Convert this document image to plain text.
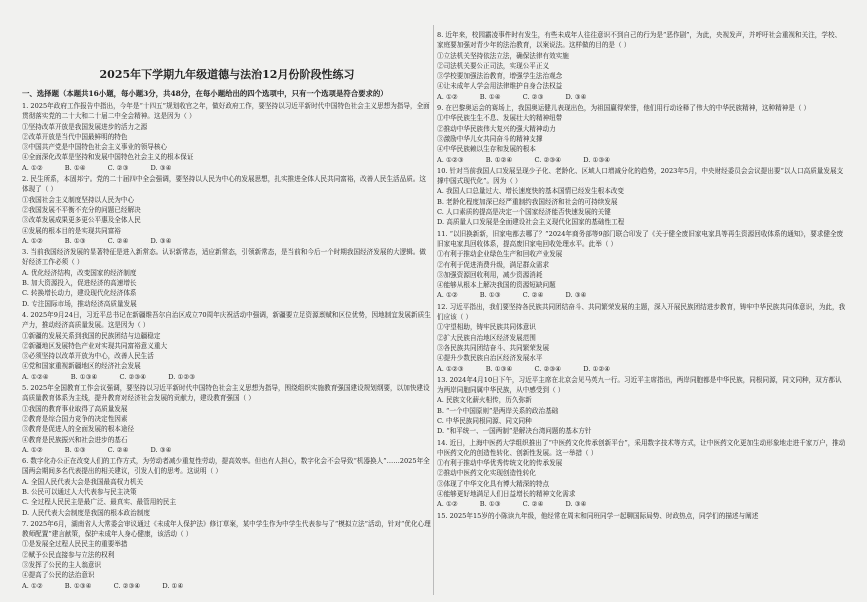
2025年下学期九年级道德与法治12月份阶段性练习
一、选择题（本题共16小题，每小题3分，共48分，在每小题给出的四个选项中，只有一个选项是符合要求的）

1. 2025年政府工作报告中指出，今年是“十四五”规划收官之年，做好政府工作，要坚持以习近平新时代中国特色社会主义思想为指导，全面贯彻落实党的二十大和二十届二中全会精神。这是因为（ ）

①坚持改革开放是我国发展进步的活力之源

②改革开放是当代中国最鲜明的特色

③中国共产党是中国特色社会主义事业的领导核心

④全面深化改革是坚持和发展中国特色社会主义的根本保证

A. ①②	B. ①④	C. ②③	D. ③④

2. 民生所系，本固邦宁。党的二十届四中全会强调，要坚持以人民为中心的发展思想，扎实推进全体人民共同富裕，改善人民生活品质。这体现了（ ）

①我国社会主义制度坚持以人民为中心

②我国发展不平衡不充分的问题已经解决

③改革发展成果更多更公平惠及全体人民

④发展的根本目的是实现共同富裕

A. ①②	B. ①③	C. ②④	D. ③④

3. 当前我国经济发展的显著特征是进入新常态。认识新常态，适应新常态，引领新常态，是当前和今后一个时期我国经济发展的大逻辑。做好经济工作必须（ ）

A. 优化经济结构，改变国家的经济制度

B. 加大资源投入，促进经济的高速增长

C. 转换增长动力，建设现代化经济体系

D. 专注国际市场，推动经济高质量发展

4. 2025年9月24日，习近平总书记在新疆维吾尔自治区成立70周年庆祝活动中强调，新疆要立足资源禀赋和区位优势，因地制宜发展新质生产力，推动经济高质量发展。这是因为（ ）

①新疆的发展关系到我国的民族团结与边疆稳定

②新疆地区发展特色产业对实现共同富裕意义重大

③必须坚持以改革开放为中心，改善人民生活

④党和国家重视新疆地区的经济社会发展

A. ①②④	B. ①③④	C. ②③④	D. ①②③

5. 2025年全国教育工作会议强调，要坚持以习近平新时代中国特色社会主义思想为指导，围绕组织实施教育强国建设规划纲要，以加快建设高质量教育体系为主线，提升教育对经济社会发展的贡献力，建设教育强国（ ）

①我国的教育事业取得了高质量发展

②教育是综合国力竞争的决定性因素

③教育是促进人的全面发展的根本途径

④教育是民族振兴和社会进步的基石

A. ①②	B. ①③	C. ②④	D. ③④

6. 数字化办公正在改变人们的工作方式，为劳动者减少重复性劳动，提高效率。但也有人担心，数字化会不会导致“机器换人”……2025年全国两会期间多名代表提出的相关建议，引发人们的思考。这说明（ ）

A. 全国人民代表大会是我国最高权力机关

B. 公民可以通过人大代表参与民主决策

C. 全过程人民民主是最广泛、最真实、最管用的民主

D. 人民代表大会制度是我国的根本政治制度

7. 2025年6月，湖南省人大常委会审议通过《未成年人保护法》修订草案，某中学生作为中学生代表参与了“模拟立法”活动，针对“优化心理教师配置”建言献策，保护未成年人身心健康，该活动（ ）

①是发展全过程人民民主的重要举措

②赋予公民直接参与立法的权利

③发挥了公民的主人翁意识

④提高了公民的法治意识

A. ①②	B. ①③④	C. ②③④	D. ①④

8. 近年来，校园霸凌事件时有发生，有些未成年人往往意识不到自己的行为是“恶作剧”，为此，央视发声，并呼吁社会重视和关注，学校、家庭要加强对青少年的法治教育，以案说法。这样做的目的是（ ）

①立法机关坚持依法立法，确保法律有效实施

②司法机关要公正司法，实现公平正义

③学校要加强法治教育，增强学生法治观念

④让未成年人学会用法律维护自身合法权益

A. ①②	B. ①④	C. ②③	D. ③④

9. 在巴黎奥运会的赛场上，我国奥运健儿表现出色，为祖国赢得荣誉，他们用行动诠释了伟大的中华民族精神，这种精神是（ ）

①中华民族生生不息、发展壮大的精神纽带

②推动中华民族伟大复兴的强大精神动力

③激励中华儿女共同奋斗的精神支撑

④中华民族赖以生存和发展的根本

A. ①②③	B. ①②④	C. ②③④	D. ①③④

10. 针对当前我国人口发展呈现少子化、老龄化、区域人口增减分化的趋势，2023年5月，中央财经委员会会议提出要“以人口高质量发展支撑中国式现代化”。因为（ ）

A. 我国人口总量过大、增长速度快的基本国情已经发生根本改变

B. 老龄化程度加深已经严重制约我国经济和社会的可持续发展

C. 人口素质的提高是决定一个国家经济能否快速发展的关键

D. 高质量人口发展是全面建设社会主义现代化国家的基础性工程

11. “以旧换新新，旧家电都去哪了？”2024年商务部等9部门联合印发了《关于健全废旧家电家具等再生资源回收体系的通知》，要求健全废旧家电家具回收体系，提高废旧家电回收处理水平。此举（ ）

①有利于推动企业绿色生产和回收产业发展

②有利于促进消费升级，满足群众需求

③加强资源回收利用，减少资源消耗

④能够从根本上解决我国的资源短缺问题

A. ①②	B. ①③	C. ②④	D. ③④

12. 习近平指出，我们要坚持各民族共同团结奋斗、共同繁荣发展的主题，深入开展民族团结进步教育，铸牢中华民族共同体意识，为此，我们应该（ ）

①守望相助，铸牢民族共同体意识

②扩大民族自治地区经济发展范围

③各民族共同团结奋斗、共同繁荣发展

④提升少数民族自治区经济发展水平

A. ①②③	B. ①③④	C. ②③④	D. ①②④

13. 2024年4月10日下午，习近平主席在北京会见马英九一行。习近平主席指出，两岸同胞都是中华民族，同根同源，同文同种，双方都认为两岸同胞同属中华民族，从中感受到（ ）

A. 民族文化薪火相传，历久弥新

B. “一个中国原则”是两岸关系的政治基础

C. 中华民族同根同源、同文同种

D. “和平统一、一国两制”是解决台湾问题的基本方针

14. 近日，上海中医药大学组织推出了“中医药文化传承创新平台”，采用数字技术等方式，让中医药文化更加生动形象地走进千家万户，推动中医药文化的创造性转化、创新性发展。这一举措（ ）

①有利于推动中华优秀传统文化的传承发展

②推动中医药文化实现创造性转化

③体现了中华文化具有博大精深的特点

④能够更好地满足人们日益增长的精神文化需求

A. ①②	B. ①③	C. ②④	D. ③④

15. 2025年15岁的小陈读九年级，他经常在周末和同班同学一起聊国际局势、时政热点，同学们的描述与阐述
